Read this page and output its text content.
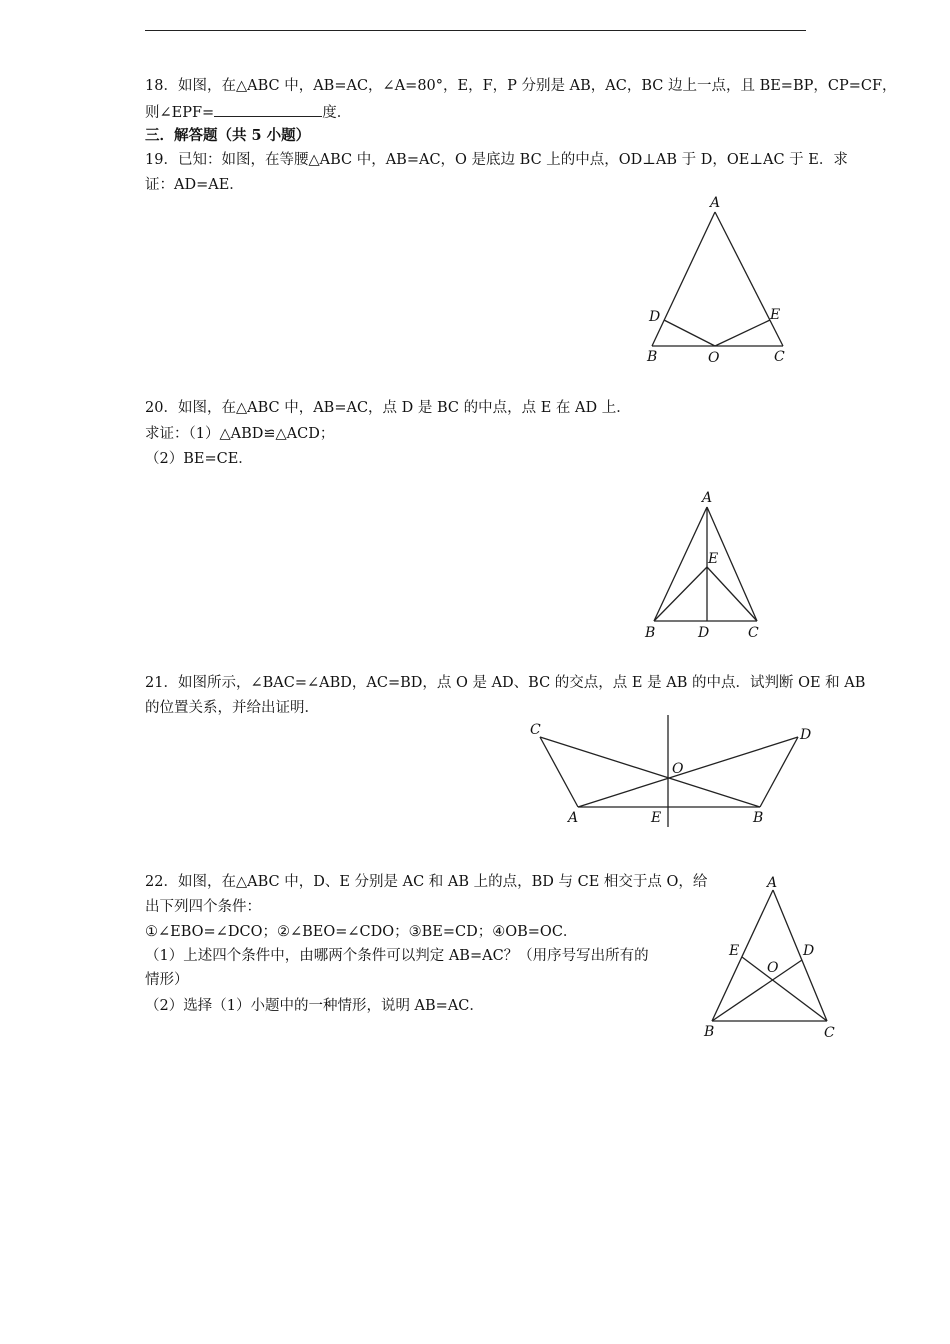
18．如图，在△ABC 中，AB=AC，∠A=80°，E，F，P 分别是 AB，AC，BC 边上一点，且 BE=BP，CP=CF，
则∠EPF=	度．
三．解答题（共 5 小题）
19．已知：如图，在等腰△ABC 中，AB=AC，O 是底边 BC 上的中点，OD⊥AB 于 D，OE⊥AC 于 E．求
证：AD=AE．
A
B	C
D	E
O
20．如图，在△ABC 中，AB=AC，点 D 是 BC 的中点，点 E 在 AD 上．
求证：（1）△ABD≌△ACD；
（2）BE=CE．
A
B	C
D
E
21．如图所示，∠BAC=∠ABD，AC=BD，点 O 是 AD、BC 的交点，点 E 是 AB 的中点．试判断 OE 和 AB
的位置关系，并给出证明．
C	D
A	B
E
O
22．如图，在△ABC 中，D、E 分别是 AC 和 AB 上的点，BD 与 CE 相交于点 O，给
出下列四个条件：
①∠EBO=∠DCO；②∠BEO=∠CDO；③BE=CD；④OB=OC．
（1）上述四个条件中，由哪两个条件可以判定 AB=AC？（用序号写出所有的
情形）
（2）选择（1）小题中的一种情形，说明 AB=AC．
A
B	C
D
E
O
